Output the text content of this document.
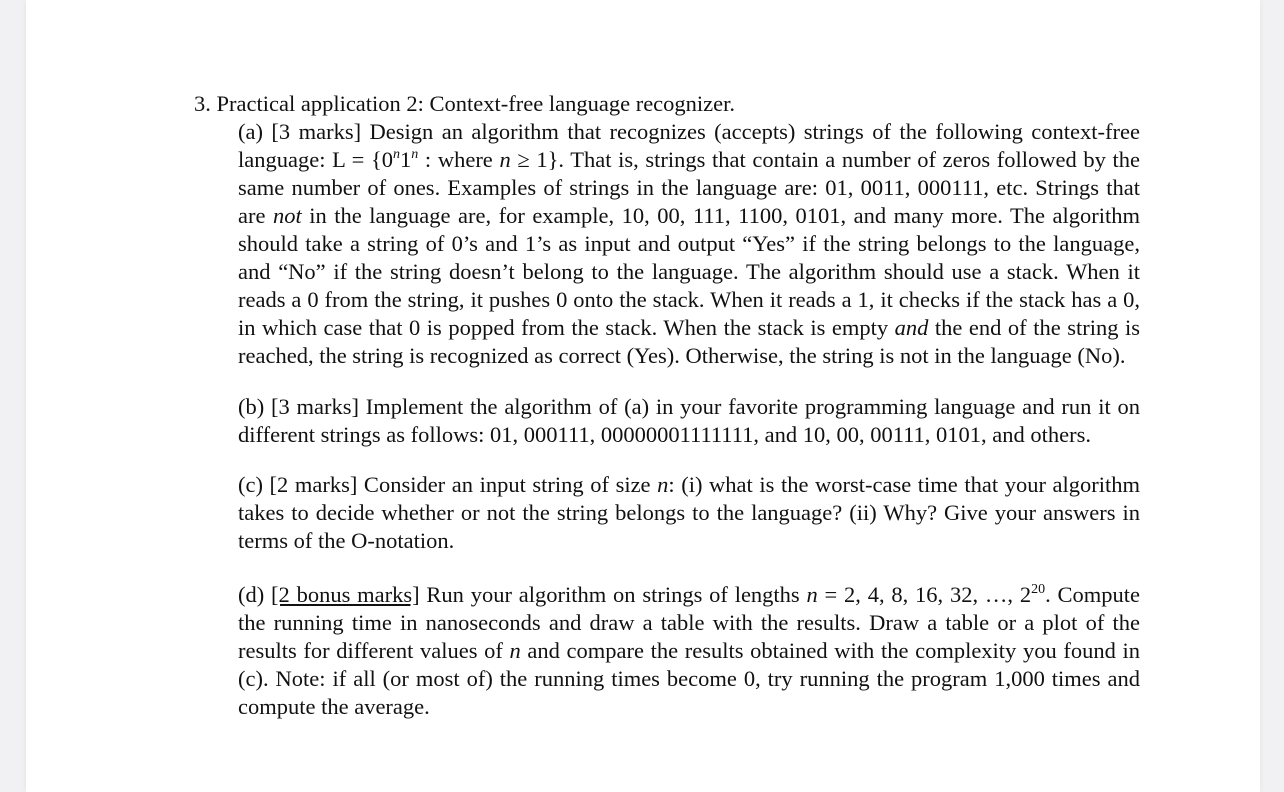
3. Practical application 2: Context-free language recognizer.

(a) [3 marks] Design an algorithm that recognizes (accepts) strings of the following context-free language: $L = \{0^n1^n$ : where n ≥ 1}. That is, strings that contain a number of zeros followed by the same number of ones. Examples of strings in the language are: 01, 0011, 000111, etc. Strings that are not in the language are, for example, 10, 00, 111, 1100, 0101, and many more. The algorithm should take a string of 0’s and 1’s as input and output “Yes” if the string belongs to the language, and “No” if the string doesn’t belong to the language. The algorithm should use a stack. When it reads a 0 from the string, it pushes 0 onto the stack. When it reads a 1, it checks if the stack has a 0, in which case that 0 is popped from the stack. When the stack is empty and the end of the string is reached, the string is recognized as correct (Yes). Otherwise, the string is not in the language (No).

(b) [3 marks] Implement the algorithm of (a) in your favorite programming language and run it on different strings as follows: 01, 000111, 00000001111111, and 10, 00, 00111, 0101, and others.

(c) [2 marks] Consider an input string of size n: (i) what is the worst-case time that your algorithm takes to decide whether or not the string belongs to the language? (ii) Why? Give your answers in terms of the O-notation.

(d) [2 bonus marks] Run your algorithm on strings of lengths n = 2, 4, 8, 16, 32, …, $2^{20}$. Compute the running time in nanoseconds and draw a table with the results. Draw a table or a plot of the results for different values of n and compare the results obtained with the complexity you found in (c). Note: if all (or most of) the running times become 0, try running the program 1,000 times and compute the average.
